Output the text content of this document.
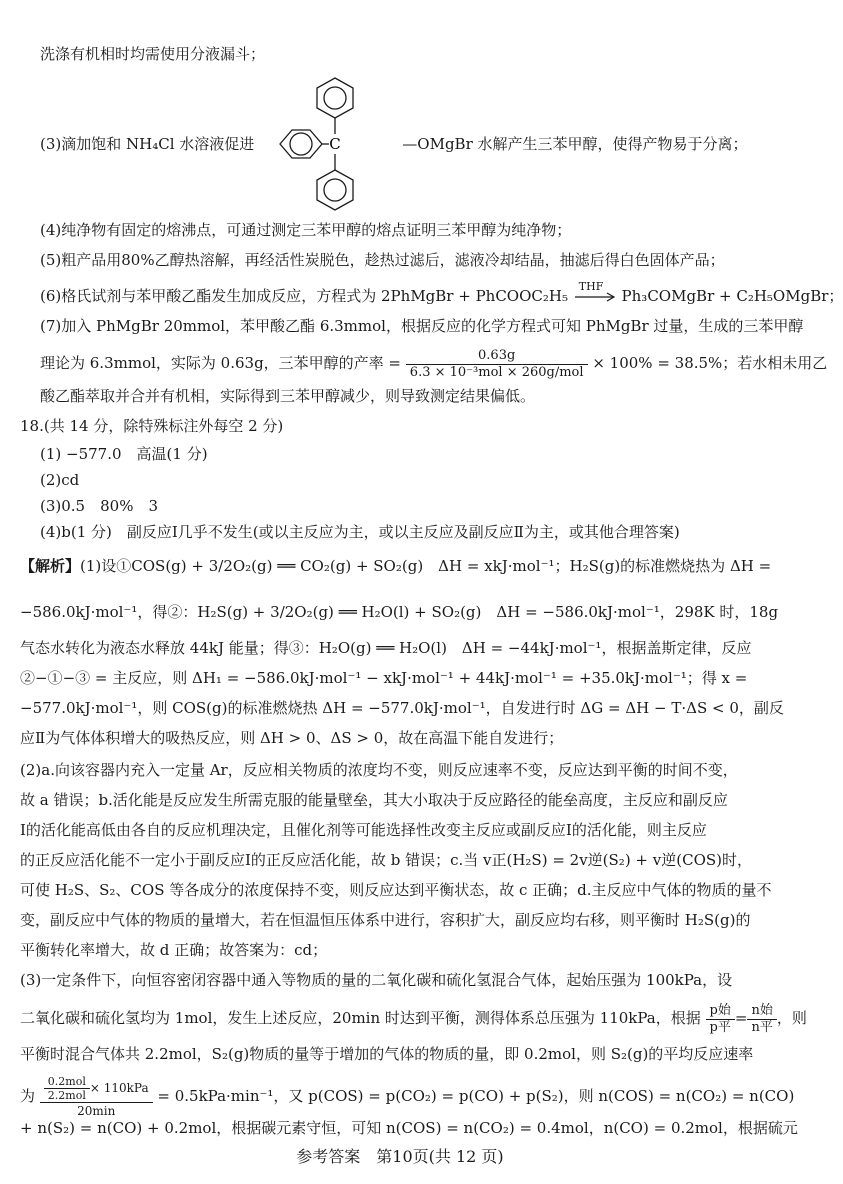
洗涤有机相时均需使用分液漏斗；
C
(3)滴加饱和 NH₄Cl 水溶液促进	—OMgBr 水解产生三苯甲醇，使得产物易于分离；
(4)纯净物有固定的熔沸点，可通过测定三苯甲醇的熔点证明三苯甲醇为纯净物；
(5)粗产品用80%乙醇热溶解，再经活性炭脱色，趁热过滤后，滤液冷却结晶，抽滤后得白色固体产品；
(6)格氏试剂与苯甲酸乙酯发生加成反应，方程式为 2PhMgBr + PhCOOC₂H₅
THF
Ph₃COMgBr + C₂H₅OMgBr；
(7)加入 PhMgBr 20mmol，苯甲酸乙酯 6.3mmol，根据反应的化学方程式可知 PhMgBr 过量，生成的三苯甲醇
理论为 6.3mmol，实际为 0.63g，三苯甲醇的产率 = $\frac{0.63g}{\text{6.3 × 10⁻³mol × 260g/mol}} \times 100\% = 38.5\%$；若水相未用乙
酸乙酯萃取并合并有机相，实际得到三苯甲醇减少，则导致测定结果偏低。
18.(共 14 分，除特殊标注外每空 2 分)
(1) −577.0　高温(1 分)
(2)cd
(3)0.5　80%　3
(4)b(1 分)　副反应Ⅰ几乎不发生(或以主反应为主，或以主反应及副反应Ⅱ为主，或其他合理答案)
【解析】(1)设①COS(g) + 3/2O₂(g) ══ CO₂(g) + SO₂(g)　ΔH = xkJ·mol⁻¹；H₂S(g)的标准燃烧热为 ΔH =
−586.0kJ·mol⁻¹，得②：H₂S(g) + 3/2O₂(g) ══ H₂O(l) + SO₂(g)　ΔH = −586.0kJ·mol⁻¹，298K 时，18g
气态水转化为液态水释放 44kJ 能量；得③：H₂O(g) ══ H₂O(l)　ΔH = −44kJ·mol⁻¹，根据盖斯定律，反应
②−①−③ = 主反应，则 ΔH₁ = −586.0kJ·mol⁻¹ − xkJ·mol⁻¹ + 44kJ·mol⁻¹ = +35.0kJ·mol⁻¹；得 x =
−577.0kJ·mol⁻¹，则 COS(g)的标准燃烧热 ΔH = −577.0kJ·mol⁻¹，自发进行时 ΔG = ΔH − T·ΔS < 0，副反
应Ⅱ为气体体积增大的吸热反应，则 ΔH > 0、ΔS > 0，故在高温下能自发进行；
(2)a.向该容器内充入一定量 Ar，反应相关物质的浓度均不变，则反应速率不变，反应达到平衡的时间不变，
故 a 错误；b.活化能是反应发生所需克服的能量壁垒，其大小取决于反应路径的能垒高度，主反应和副反应
Ⅰ的活化能高低由各自的反应机理决定，且催化剂等可能选择性改变主反应或副反应Ⅰ的活化能，则主反应
的正反应活化能不一定小于副反应Ⅰ的正反应活化能，故 b 错误；c.当 v正(H₂S) = 2v逆(S₂) + v逆(COS)时，
可使 H₂S、S₂、COS 等各成分的浓度保持不变，则反应达到平衡状态，故 c 正确；d.主反应中气体的物质的量不
变，副反应中气体的物质的量增大，若在恒温恒压体系中进行，容积扩大，副反应均右移，则平衡时 H₂S(g)的
平衡转化率增大，故 d 正确；故答案为：cd；
(3)一定条件下，向恒容密闭容器中通入等物质的量的二氧化碳和硫化氢混合气体，起始压强为 100kPa，设
二氧化碳和硫化氢均为 1mol，发生上述反应，20min 时达到平衡，测得体系总压强为 110kPa，根据 $\frac{\text{p始}}{\text{p平}} = \frac{\text{n始}}{\text{n平}}$ ，则
平衡时混合气体共 2.2mol，S₂(g)物质的量等于增加的气体的物质的量，即 0.2mol，则 S₂(g)的平均反应速率
为 $\frac{\frac{\text{0.2mol}}{\text{2.2mol}} \times 110kPa}{20\min} = 0.5kPa\cdot\min^{-1}$，又 p(COS) = p(CO₂) = p(CO) + p(S₂)，则 n(COS) = n(CO₂) = n(CO)
+ n(S₂) = n(CO) + 0.2mol，根据碳元素守恒，可知 n(COS) = n(CO₂) = 0.4mol，n(CO) = 0.2mol，根据硫元
参考答案　第10页(共 12 页)
